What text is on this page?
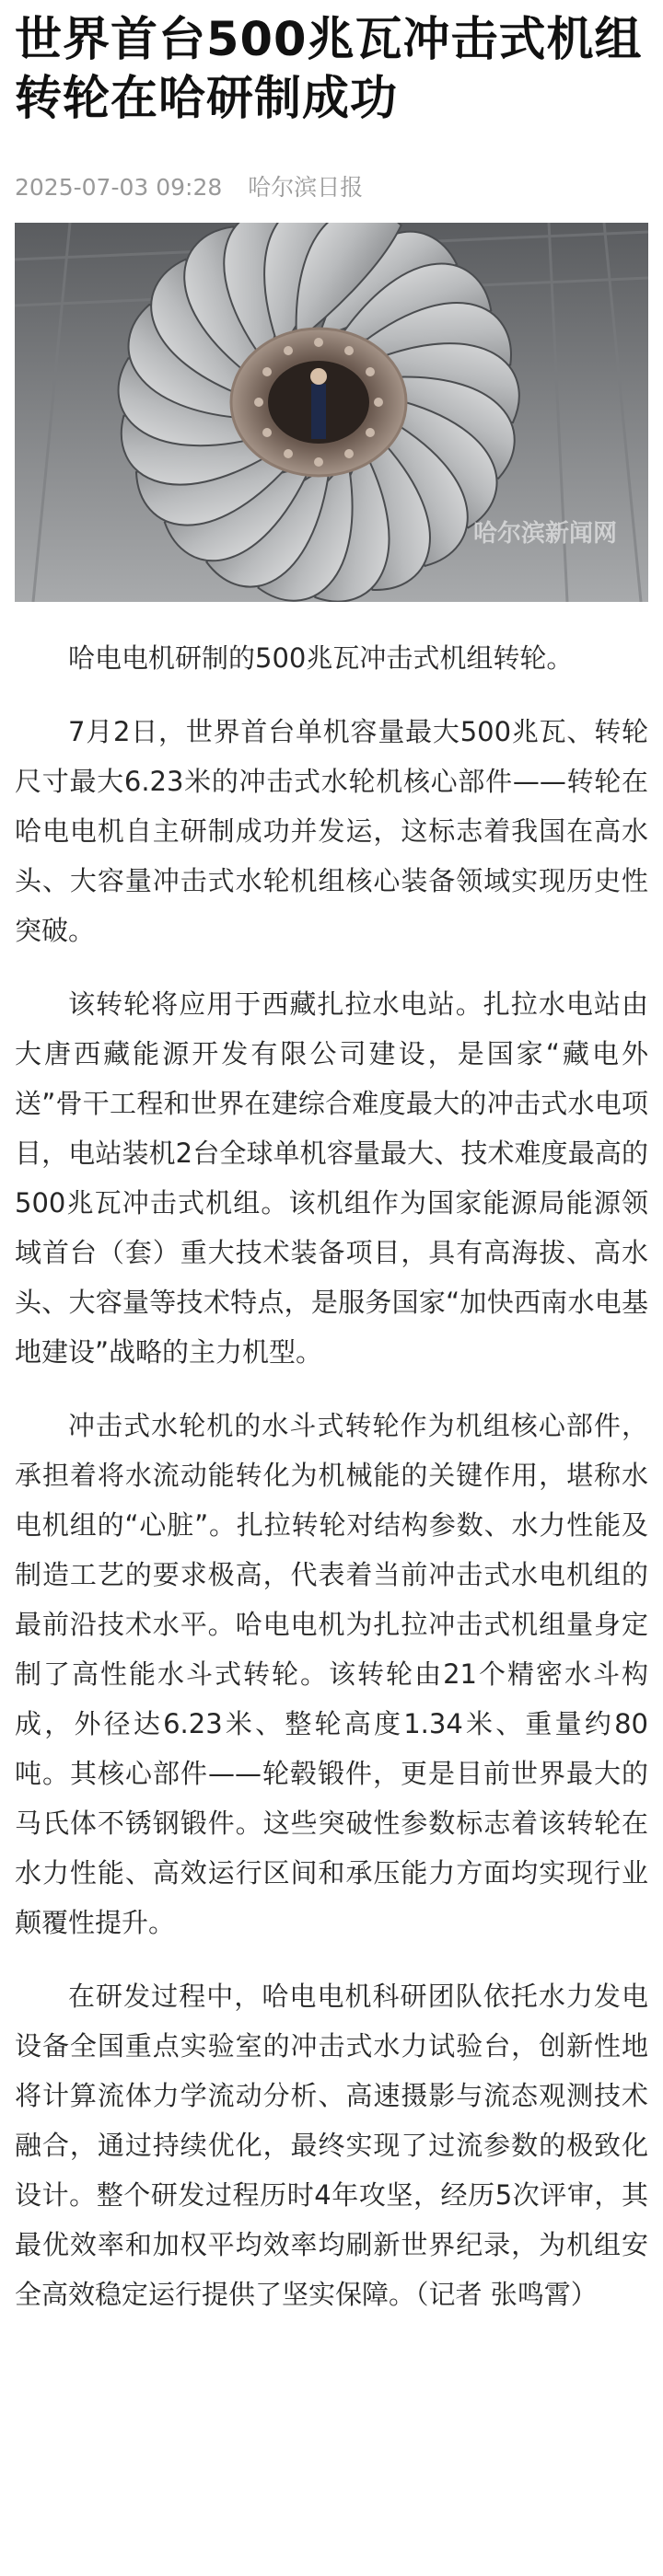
世界首台500兆瓦冲击式机组转轮在哈研制成功
2025-07-03 09:28 哈尔滨日报
哈尔滨新闻网

哈电电机研制的500兆瓦冲击式机组转轮。

7月2日，世界首台单机容量最大500兆瓦、转轮尺寸最大6.23米的冲击式水轮机核心部件——转轮在哈电电机自主研制成功并发运，这标志着我国在高水头、大容量冲击式水轮机组核心装备领域实现历史性突破。

该转轮将应用于西藏扎拉水电站。扎拉水电站由大唐西藏能源开发有限公司建设，是国家“藏电外送”骨干工程和世界在建综合难度最大的冲击式水电项目，电站装机2台全球单机容量最大、技术难度最高的500兆瓦冲击式机组。该机组作为国家能源局能源领域首台（套）重大技术装备项目，具有高海拔、高水头、大容量等技术特点，是服务国家“加快西南水电基地建设”战略的主力机型。

冲击式水轮机的水斗式转轮作为机组核心部件，承担着将水流动能转化为机械能的关键作用，堪称水电机组的“心脏”。扎拉转轮对结构参数、水力性能及制造工艺的要求极高，代表着当前冲击式水电机组的最前沿技术水平。哈电电机为扎拉冲击式机组量身定制了高性能水斗式转轮。该转轮由21个精密水斗构成，外径达6.23米、整轮高度1.34米、重量约80吨。其核心部件——轮毂锻件，更是目前世界最大的马氏体不锈钢锻件。这些突破性参数标志着该转轮在水力性能、高效运行区间和承压能力方面均实现行业颠覆性提升。

在研发过程中，哈电电机科研团队依托水力发电设备全国重点实验室的冲击式水力试验台，创新性地将计算流体力学流动分析、高速摄影与流态观测技术融合，通过持续优化，最终实现了过流参数的极致化设计。整个研发过程历时4年攻坚，经历5次评审，其最优效率和加权平均效率均刷新世界纪录，为机组安全高效稳定运行提供了坚实保障。（记者 张鸣霄）
